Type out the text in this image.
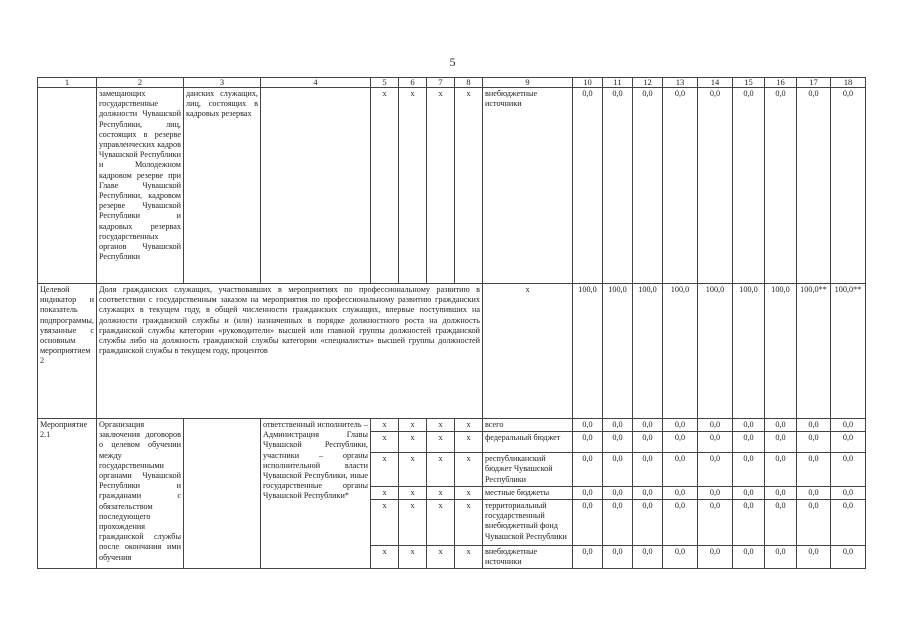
5
1	2	3	4	5	6	7	8	9	10	11	12	13	14	15	16	17	18
	замещающих государственные должности Чувашской Республики, лиц, состоящих в резерве управленческих кадров Чувашской Республики и Молодежном кадровом резерве при Главе Чувашской Республики, кадровом резерве Чувашской Республики и кадровых резервах государственных органов Чувашской Республики	данских служащих, лиц, состоящих в кадровых резервах		x	x	x	x	внебюджетные источники	0,0	0,0	0,0	0,0	0,0	0,0	0,0	0,0	0,0
Целевой индикатор и показатель подпрограммы, увязанные с основным мероприятием 2	Доля гражданских служащих, участвовавших в мероприятиях по профессиональному развитию в соответствии с государственным заказом на мероприятия по профессиональному развитию гражданских служащих в текущем году, в общей численности гражданских служащих, впервые поступивших на должности гражданской службы и (или) назначенных в порядке должностного роста на должность гражданской службы категории «руководители» высшей или главной группы должностей гражданской службы либо на должность гражданской службы категории «специалисты» высшей группы должностей гражданской службы в текущем году, процентов							x	100,0	100,0	100,0	100,0	100,0	100,0	100,0	100,0**	100,0**
Мероприятие 2.1	Организация заключения договоров о целевом обучении между государственными органами Чувашской Республики и гражданами с обязательством последующего прохождения гражданской службы после окончания ими обучения		ответственный исполнитель – Администрация Главы Чувашской Республики, участники – органы исполнительной власти Чувашской Республики, иные государственные органы Чувашской Республики*	x	x	x	x	всего	0,0	0,0	0,0	0,0	0,0	0,0	0,0	0,0	0,0
				x	x	x	x	федеральный бюджет	0,0	0,0	0,0	0,0	0,0	0,0	0,0	0,0	0,0
				x	x	x	x	республиканский бюджет Чувашской Республики	0,0	0,0	0,0	0,0	0,0	0,0	0,0	0,0	0,0
				x	x	x	x	местные бюджеты	0,0	0,0	0,0	0,0	0,0	0,0	0,0	0,0	0,0
				x	x	x	x	территориальный государственный внебюджетный фонд Чувашской Республики	0,0	0,0	0,0	0,0	0,0	0,0	0,0	0,0	0,0
				x	x	x	x	внебюджетные источники	0,0	0,0	0,0	0,0	0,0	0,0	0,0	0,0	0,0
